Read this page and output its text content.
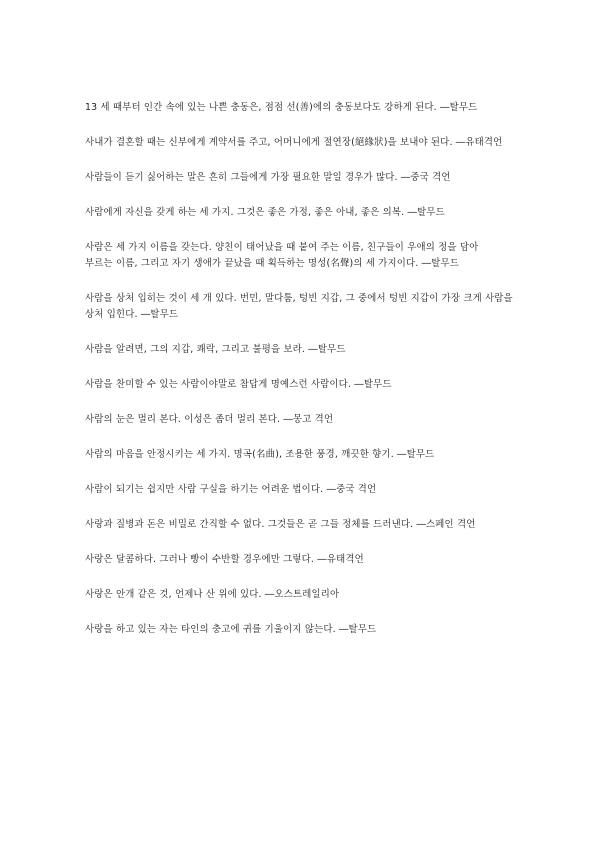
13 세 때부터 인간 속에 있는 나쁜 충동은, 점점 선(善)에의 충동보다도 강하게 된다. ―탈무드

사내가 결혼할 때는 신부에게 계약서를 주고, 어머니에게 절연장(絕緣狀)을 보내야 된다. ―유태격언

사람들이 듣기 싫어하는 말은 흔히 그들에게 가장 필요한 말일 경우가 많다. ―중국 격언

사람에게 자신을 갖게 하는 세 가지. 그것은 좋은 가정, 좋은 아내, 좋은 의복. ―탈무드

사람은 세 가지 이름을 갖는다. 양친이 태어났을 때 붙여 주는 이름, 친구들이 우애의 정을 담아
부르는 이름, 그리고 자기 생애가 끝났을 때 획득하는 명성(名聲)의 세 가지이다. ―탈무드

사람을 상처 입히는 것이 세 개 있다. 번민, 말다툼, 텅빈 지갑, 그 중에서 텅빈 지갑이 가장 크게 사람을 상처 입힌다. ―탈무드

사람을 알려면, 그의 지갑, 쾌락, 그리고 불평을 보라. ―탈무드

사람을 찬미할 수 있는 사람이야말로 참답게 명예스런 사람이다. ―탈무드

사람의 눈은 멀리 본다. 이성은 좀더 멀리 본다. ―몽고 격언

사람의 마음을 안정시키는 세 가지. 명곡(名曲), 조용한 풍경, 깨끗한 향기. ―탈무드

사람이 되기는 쉽지만 사람 구실을 하기는 어려운 법이다. ―중국 격언

사랑과 질병과 돈은 비밀로 간직할 수 없다. 그것들은 곧 그들 정체를 드러낸다. ―스페인 격언

사랑은 달콤하다. 그러나 빵이 수반할 경우에만 그렇다. ―유태격언

사랑은 안개 같은 것, 언제나 산 위에 있다. ―오스트레일리아

사랑을 하고 있는 자는 타인의 충고에 귀를 기울이지 않는다. ―탈무드
